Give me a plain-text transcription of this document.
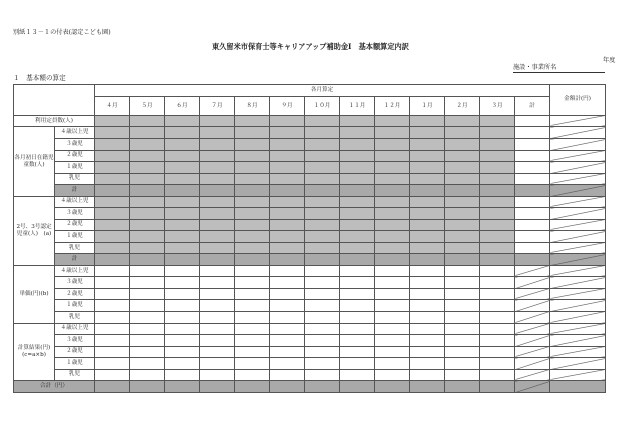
別紙１３－１の付表(認定こども園)
東久留米市保育士等キャリアアップ補助金Ⅰ　基本額算定内訳
年度
施設・事業所名
１　基本額の算定
		各月算定													金額計(円)
		４月	５月	６月	７月	８月	９月	１０月	１１月	１２月	１月	２月	３月	計	
利用定員数(人)															
各月初日在籍児童数(人)	４歳以上児														
	３歳児														
	２歳児														
	１歳児														
	乳児														
	計														
2号、3号認定児童(人)　(a)	４歳以上児														
	３歳児														
	２歳児														
	１歳児														
	乳児														
	計														
単価(円)(b)	４歳以上児														
	３歳児														
	２歳児														
	１歳児														
	乳児														
計算結果(円)(c=a×b)	４歳以上児														
	３歳児														
	２歳児														
	１歳児														
	乳児														
合計（円）															
